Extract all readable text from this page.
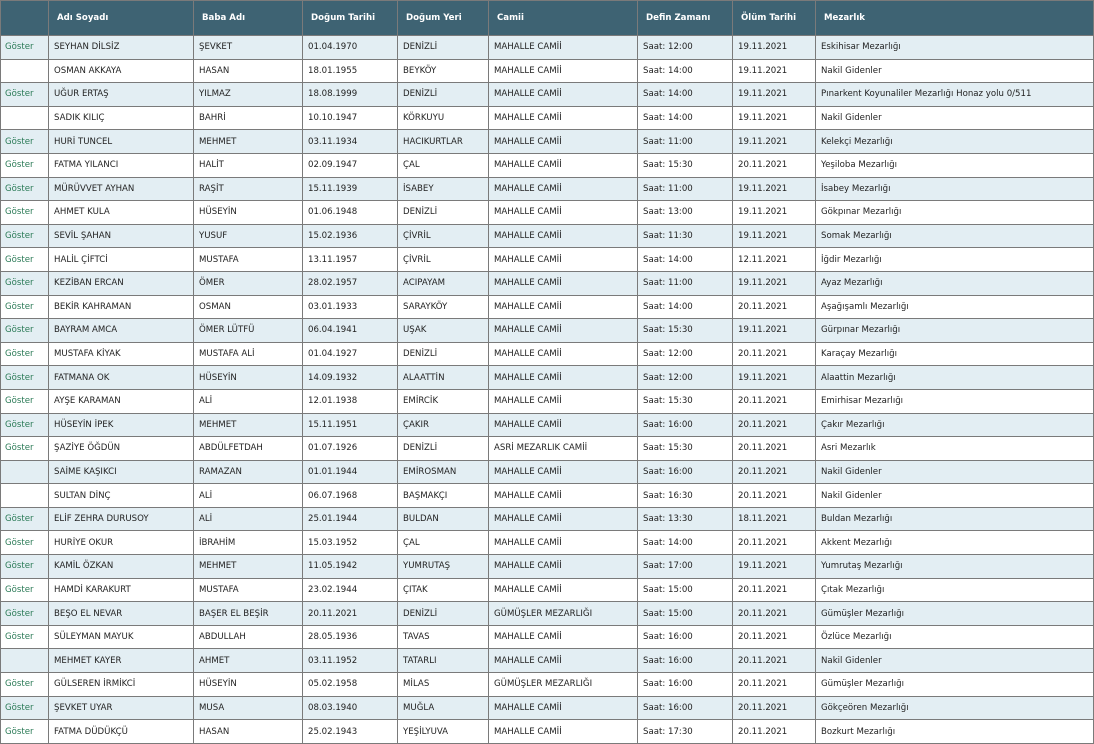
	Adı Soyadı	Baba Adı	Doğum Tarihi	Doğum Yeri	Camii	Defin Zamanı	Ölüm Tarihi	Mezarlık
Göster	SEYHAN DİLSİZ	ŞEVKET	01.04.1970	DENİZLİ	MAHALLE CAMİİ	Saat: 12:00	19.11.2021	Eskihisar Mezarlığı
	OSMAN AKKAYA	HASAN	18.01.1955	BEYKÖY	MAHALLE CAMİİ	Saat: 14:00	19.11.2021	Nakil Gidenler
Göster	UĞUR ERTAŞ	YILMAZ	18.08.1999	DENİZLİ	MAHALLE CAMİİ	Saat: 14:00	19.11.2021	Pınarkent Koyunaliler Mezarlığı Honaz yolu 0/511
	SADIK KILIÇ	BAHRİ	10.10.1947	KÖRKUYU	MAHALLE CAMİİ	Saat: 14:00	19.11.2021	Nakil Gidenler
Göster	HURİ TUNCEL	MEHMET	03.11.1934	HACIKURTLAR	MAHALLE CAMİİ	Saat: 11:00	19.11.2021	Kelekçi Mezarlığı
Göster	FATMA YILANCI	HALİT	02.09.1947	ÇAL	MAHALLE CAMİİ	Saat: 15:30	20.11.2021	Yeşiloba Mezarlığı
Göster	MÜRÜVVET AYHAN	RAŞİT	15.11.1939	İSABEY	MAHALLE CAMİİ	Saat: 11:00	19.11.2021	İsabey Mezarlığı
Göster	AHMET KULA	HÜSEYİN	01.06.1948	DENİZLİ	MAHALLE CAMİİ	Saat: 13:00	19.11.2021	Gökpınar Mezarlığı
Göster	SEVİL ŞAHAN	YUSUF	15.02.1936	ÇİVRİL	MAHALLE CAMİİ	Saat: 11:30	19.11.2021	Somak Mezarlığı
Göster	HALİL ÇİFTCİ	MUSTAFA	13.11.1957	ÇİVRİL	MAHALLE CAMİİ	Saat: 14:00	12.11.2021	İğdir Mezarlığı
Göster	KEZİBAN ERCAN	ÖMER	28.02.1957	ACIPAYAM	MAHALLE CAMİİ	Saat: 11:00	19.11.2021	Ayaz Mezarlığı
Göster	BEKİR KAHRAMAN	OSMAN	03.01.1933	SARAYKÖY	MAHALLE CAMİİ	Saat: 14:00	20.11.2021	Aşağışamlı Mezarlığı
Göster	BAYRAM AMCA	ÖMER LÜTFÜ	06.04.1941	UŞAK	MAHALLE CAMİİ	Saat: 15:30	19.11.2021	Gürpınar Mezarlığı
Göster	MUSTAFA KİYAK	MUSTAFA ALİ	01.04.1927	DENİZLİ	MAHALLE CAMİİ	Saat: 12:00	20.11.2021	Karaçay Mezarlığı
Göster	FATMANA OK	HÜSEYİN	14.09.1932	ALAATTİN	MAHALLE CAMİİ	Saat: 12:00	19.11.2021	Alaattin Mezarlığı
Göster	AYŞE KARAMAN	ALİ	12.01.1938	EMİRCİK	MAHALLE CAMİİ	Saat: 15:30	20.11.2021	Emirhisar Mezarlığı
Göster	HÜSEYİN İPEK	MEHMET	15.11.1951	ÇAKIR	MAHALLE CAMİİ	Saat: 16:00	20.11.2021	Çakır Mezarlığı
Göster	ŞAZİYE ÖĞDÜN	ABDÜLFETDAH	01.07.1926	DENİZLİ	ASRİ MEZARLIK CAMİİ	Saat: 15:30	20.11.2021	Asri Mezarlık
	SAİME KAŞIKCI	RAMAZAN	01.01.1944	EMİROSMAN	MAHALLE CAMİİ	Saat: 16:00	20.11.2021	Nakil Gidenler
	SULTAN DİNÇ	ALİ	06.07.1968	BAŞMAKÇI	MAHALLE CAMİİ	Saat: 16:30	20.11.2021	Nakil Gidenler
Göster	ELİF ZEHRA DURUSOY	ALİ	25.01.1944	BULDAN	MAHALLE CAMİİ	Saat: 13:30	18.11.2021	Buldan Mezarlığı
Göster	HURİYE OKUR	İBRAHİM	15.03.1952	ÇAL	MAHALLE CAMİİ	Saat: 14:00	20.11.2021	Akkent Mezarlığı
Göster	KAMİL ÖZKAN	MEHMET	11.05.1942	YUMRUTAŞ	MAHALLE CAMİİ	Saat: 17:00	19.11.2021	Yumrutaş Mezarlığı
Göster	HAMDİ KARAKURT	MUSTAFA	23.02.1944	ÇITAK	MAHALLE CAMİİ	Saat: 15:00	20.11.2021	Çıtak Mezarlığı
Göster	BEŞO EL NEVAR	BAŞER EL BEŞİR	20.11.2021	DENİZLİ	GÜMÜŞLER MEZARLIĞI	Saat: 15:00	20.11.2021	Gümüşler Mezarlığı
Göster	SÜLEYMAN MAYUK	ABDULLAH	28.05.1936	TAVAS	MAHALLE CAMİİ	Saat: 16:00	20.11.2021	Özlüce Mezarlığı
	MEHMET KAYER	AHMET	03.11.1952	TATARLI	MAHALLE CAMİİ	Saat: 16:00	20.11.2021	Nakil Gidenler
Göster	GÜLSEREN İRMİKCİ	HÜSEYİN	05.02.1958	MİLAS	GÜMÜŞLER MEZARLIĞI	Saat: 16:00	20.11.2021	Gümüşler Mezarlığı
Göster	ŞEVKET UYAR	MUSA	08.03.1940	MUĞLA	MAHALLE CAMİİ	Saat: 16:00	20.11.2021	Gökçeören Mezarlığı
Göster	FATMA DÜDÜKÇÜ	HASAN	25.02.1943	YEŞİLYUVA	MAHALLE CAMİİ	Saat: 17:30	20.11.2021	Bozkurt Mezarlığı
